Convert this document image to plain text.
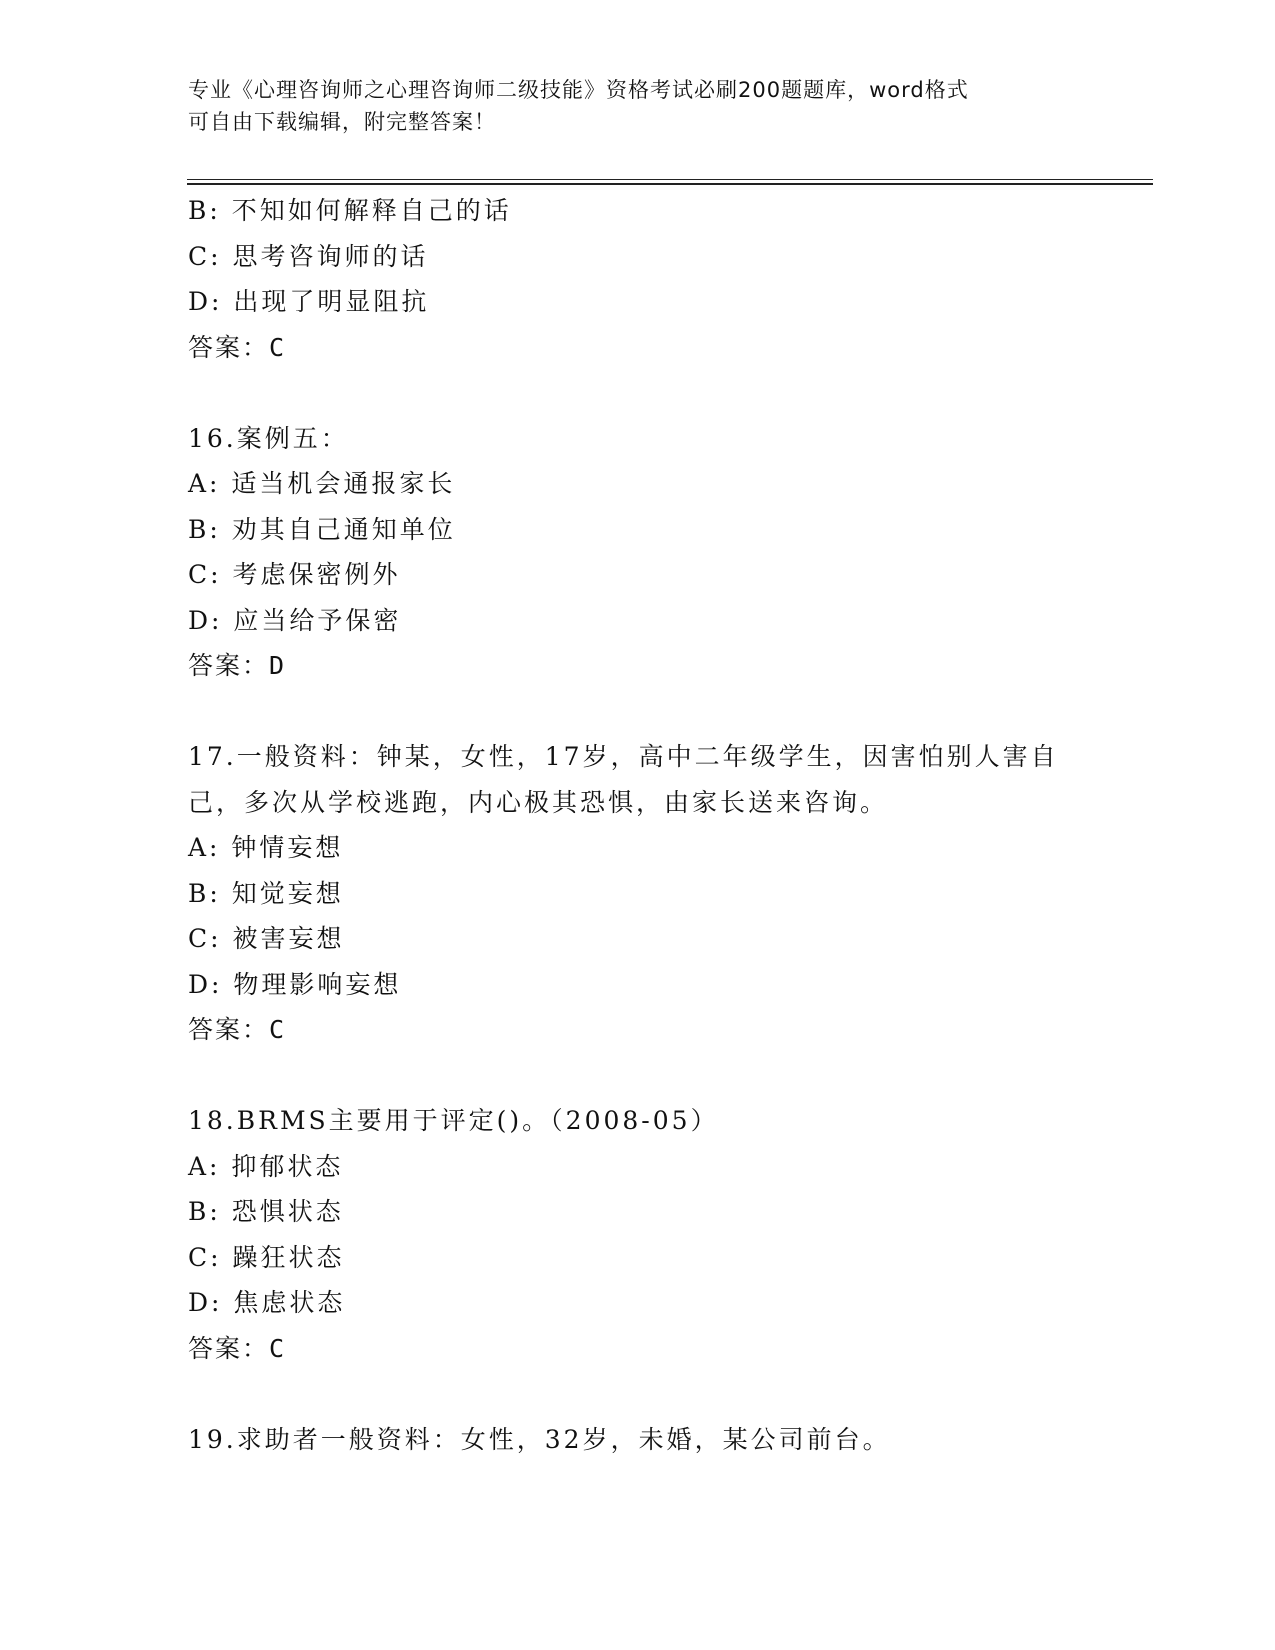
专业《心理咨询师之心理咨询师二级技能》资格考试必刷200题题库，word格式
可自由下载编辑，附完整答案！
B: 不知如何解释自己的话
C: 思考咨询师的话
D: 出现了明显阻抗
答案：C
16.案例五：
A: 适当机会通报家长
B: 劝其自己通知单位
C: 考虑保密例外
D: 应当给予保密
答案：D
17.一般资料：钟某，女性，17岁，高中二年级学生，因害怕别人害自
己，多次从学校逃跑，内心极其恐惧，由家长送来咨询。
A: 钟情妄想
B: 知觉妄想
C: 被害妄想
D: 物理影响妄想
答案：C
18.BRMS主要用于评定()。（2008-05）
A: 抑郁状态
B: 恐惧状态
C: 躁狂状态
D: 焦虑状态
答案：C
19.求助者一般资料：女性，32岁，未婚，某公司前台。
